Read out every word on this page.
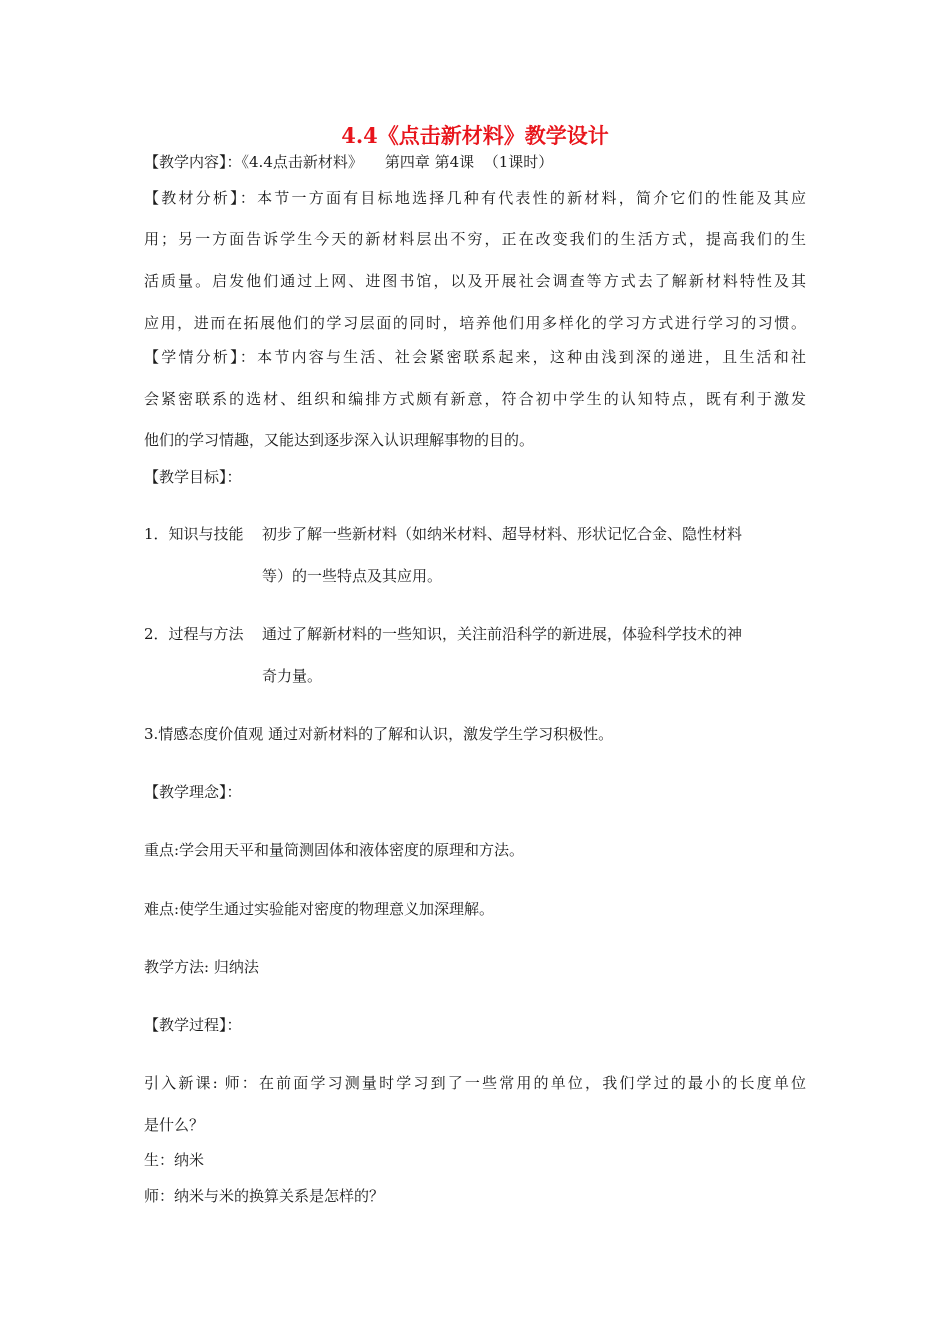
4.4《点击新材料》教学设计
【教学内容】：《4.4点击新材料》 第四章 第4课 （1课时）
【教材分析】：本节一方面有目标地选择几种有代表性的新材料，简介它们的性能及其应
用；另一方面告诉学生今天的新材料层出不穷，正在改变我们的生活方式，提高我们的生
活质量。启发他们通过上网、进图书馆，以及开展社会调查等方式去了解新材料特性及其
应用，进而在拓展他们的学习层面的同时，培养他们用多样化的学习方式进行学习的习惯。
【学情分析】：本节内容与生活、社会紧密联系起来，这种由浅到深的递进，且生活和社
会紧密联系的选材、组织和编排方式颇有新意，符合初中学生的认知特点，既有利于激发
他们的学习情趣，又能达到逐步深入认识理解事物的目的。
【教学目标】：
1．知识与技能 初步了解一些新材料（如纳米材料、超导材料、形状记忆合金、隐性材料
等）的一些特点及其应用。
2．过程与方法 通过了解新材料的一些知识，关注前沿科学的新进展，体验科学技术的神
奇力量。
3.情感态度价值观 通过对新材料的了解和认识，激发学生学习积极性。
【教学理念】：
重点:学会用天平和量筒测固体和液体密度的原理和方法。
难点:使学生通过实验能对密度的物理意义加深理解。
教学方法: 归纳法
【教学过程】：
引入新课: 师：在前面学习测量时学习到了一些常用的单位，我们学过的最小的长度单位
是什么？
生：纳米
师：纳米与米的换算关系是怎样的？
